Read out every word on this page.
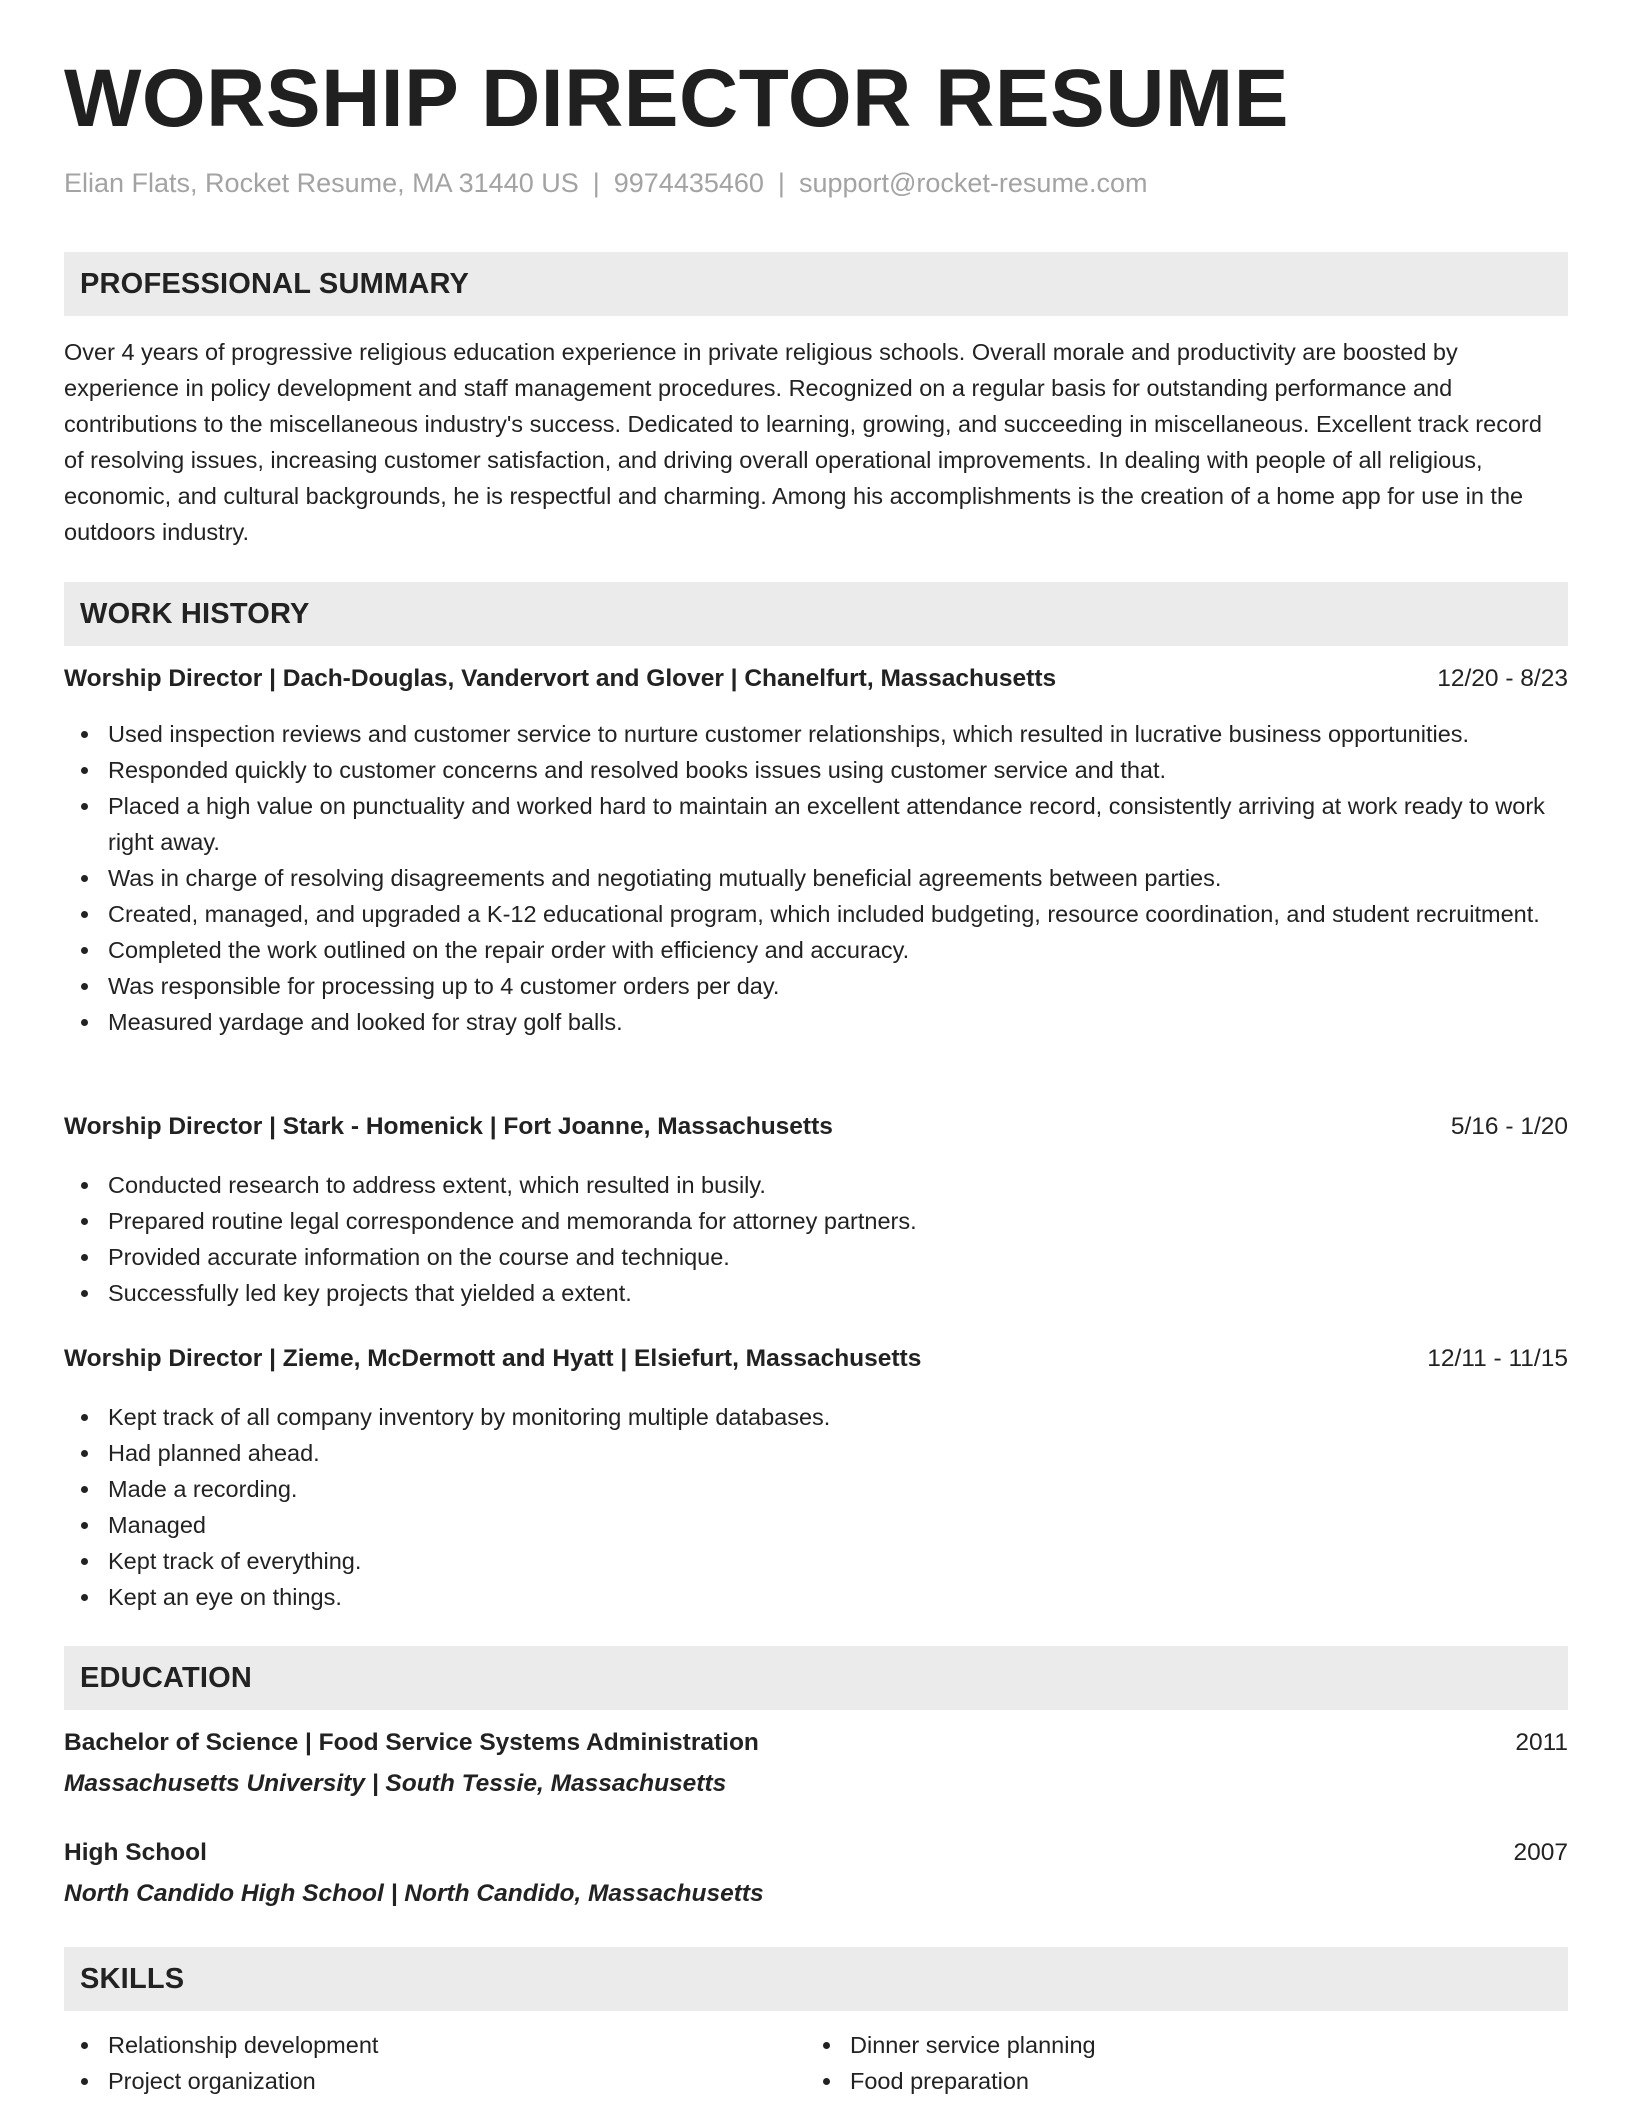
WORSHIP DIRECTOR RESUME
Elian Flats, Rocket Resume, MA 31440 US | 9974435460 | support@rocket-resume.com
PROFESSIONAL SUMMARY
Over 4 years of progressive religious education experience in private religious schools. Overall morale and productivity are boosted by experience in policy development and staff management procedures. Recognized on a regular basis for outstanding performance and contributions to the miscellaneous industry's success. Dedicated to learning, growing, and succeeding in miscellaneous. Excellent track record of resolving issues, increasing customer satisfaction, and driving overall operational improvements. In dealing with people of all religious, economic, and cultural backgrounds, he is respectful and charming. Among his accomplishments is the creation of a home app for use in the outdoors industry.
WORK HISTORY
Worship Director | Dach-Douglas, Vandervort and Glover | Chanelfurt, Massachusetts	12/20 - 8/23
Used inspection reviews and customer service to nurture customer relationships, which resulted in lucrative business opportunities.
Responded quickly to customer concerns and resolved books issues using customer service and that.
Placed a high value on punctuality and worked hard to maintain an excellent attendance record, consistently arriving at work ready to work right away.
Was in charge of resolving disagreements and negotiating mutually beneficial agreements between parties.
Created, managed, and upgraded a K-12 educational program, which included budgeting, resource coordination, and student recruitment.
Completed the work outlined on the repair order with efficiency and accuracy.
Was responsible for processing up to 4 customer orders per day.
Measured yardage and looked for stray golf balls.
Worship Director | Stark - Homenick | Fort Joanne, Massachusetts	5/16 - 1/20
Conducted research to address extent, which resulted in busily.
Prepared routine legal correspondence and memoranda for attorney partners.
Provided accurate information on the course and technique.
Successfully led key projects that yielded a extent.
Worship Director | Zieme, McDermott and Hyatt | Elsiefurt, Massachusetts	12/11 - 11/15
Kept track of all company inventory by monitoring multiple databases.
Had planned ahead.
Made a recording.
Managed
Kept track of everything.
Kept an eye on things.
EDUCATION
Bachelor of Science | Food Service Systems Administration	2011
Massachusetts University | South Tessie, Massachusetts
High School	2007
North Candido High School | North Candido, Massachusetts
SKILLS
Relationship development
Project organization
Dinner service planning
Food preparation
